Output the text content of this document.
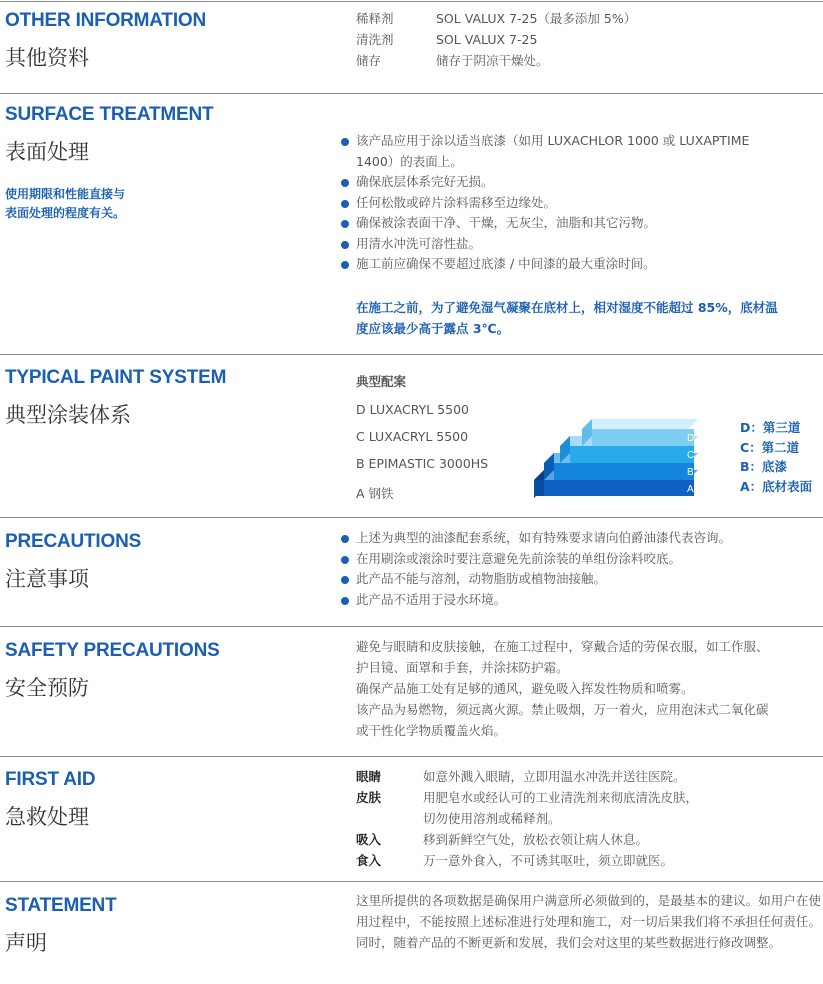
OTHER INFORMATION
其他资料
稀释剂	SOL VALUX 7-25（最多添加 5%）
清洗剂	SOL VALUX 7-25
储存	储存于阴凉干燥处。
SURFACE TREATMENT
表面处理
使用期限和性能直接与
表面处理的程度有关。
该产品应用于涂以适当底漆（如用 LUXACHLOR 1000 或 LUXAPTIME
1400）的表面上。
确保底层体系完好无损。
任何松散或碎片涂料需移至边缘处。
确保被涂表面干净、干燥，无灰尘，油脂和其它污物。
用清水冲洗可溶性盐。
施工前应确保不要超过底漆 / 中间漆的最大重涂时间。
在施工之前，为了避免湿气凝聚在底材上，相对湿度不能超过 85%，底材温
度应该最少高于露点 3℃。
TYPICAL PAINT SYSTEM
典型涂装体系
典型配案
D LUXACRYL 5500
C LUXACRYL 5500
B EPIMASTIC 3000HS
A 钢铁
D
C
B
A
D：第三道
C：第二道
B：底漆
A：底材表面
PRECAUTIONS
注意事项
上述为典型的油漆配套系统，如有特殊要求请向伯爵油漆代表咨询。
在用刷涂或滚涂时要注意避免先前涂装的单组份涂料咬底。
此产品不能与溶剂，动物脂肪或植物油接触。
此产品不适用于浸水环境。
SAFETY PRECAUTIONS
安全预防
避免与眼睛和皮肤接触，在施工过程中，穿戴合适的劳保衣服，如工作服、
护目镜、面罩和手套，并涂抹防护霜。
确保产品施工处有足够的通风，避免吸入挥发性物质和喷雾。
该产品为易燃物，须远离火源。禁止吸烟，万一着火，应用泡沫式二氧化碳
或干性化学物质覆盖火焰。
FIRST AID
急救处理
眼睛	如意外溅入眼睛，立即用温水冲洗并送往医院。
皮肤	用肥皂水或经认可的工业清洗剂来彻底清洗皮肤，
切勿使用溶剂或稀释剂。
吸入	移到新鲜空气处，放松衣领让病人休息。
食入	万一意外食入，不可诱其呕吐，须立即就医。
STATEMENT
声明
这里所提供的各项数据是确保用户满意所必须做到的，是最基本的建议。如用户在使用过程中，不能按照上述标准进行处理和施工，对一切后果我们将不承担任何责任。同时，随着产品的不断更新和发展，我们会对这里的某些数据进行修改调整。
